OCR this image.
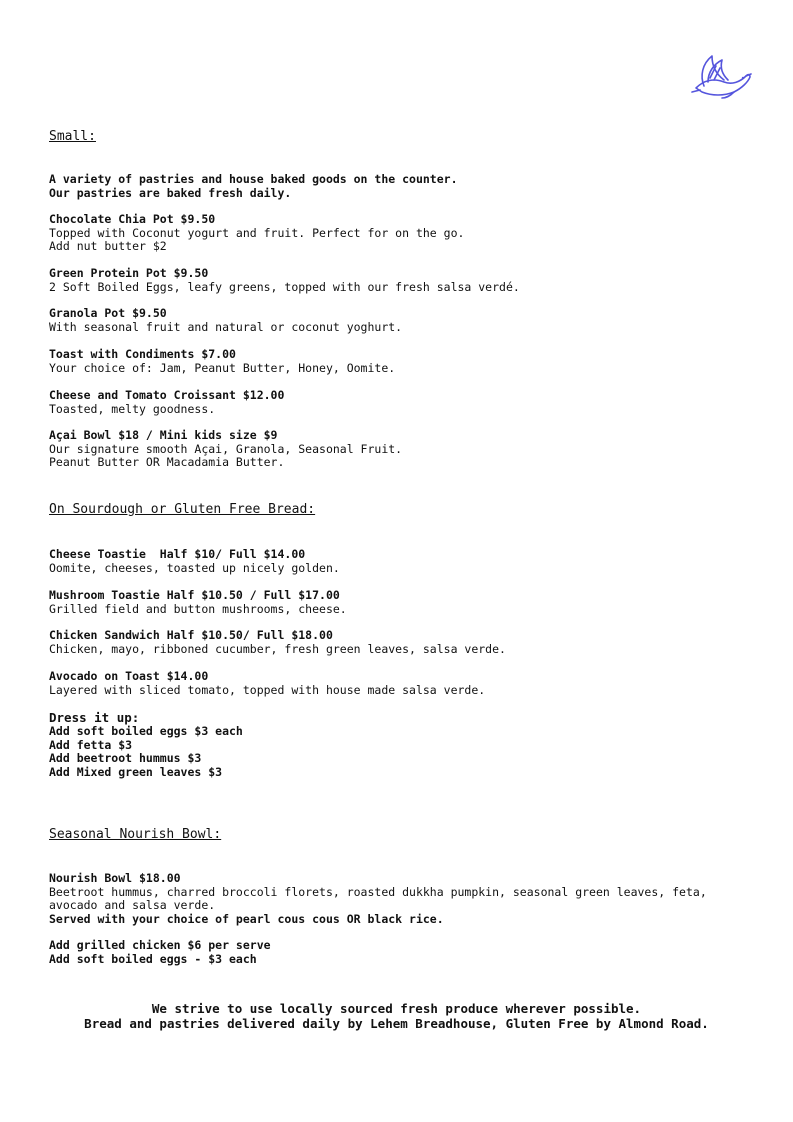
Small:
A variety of pastries and house baked goods on the counter.
Our pastries are baked fresh daily.
Chocolate Chia Pot $9.50
Topped with Coconut yogurt and fruit. Perfect for on the go.
Add nut butter $2
Green Protein Pot $9.50
2 Soft Boiled Eggs, leafy greens, topped with our fresh salsa verdé.
Granola Pot $9.50
With seasonal fruit and natural or coconut yoghurt.
Toast with Condiments $7.00
Your choice of: Jam, Peanut Butter, Honey, Oomite.
Cheese and Tomato Croissant $12.00
Toasted, melty goodness.
Açai Bowl $18 / Mini kids size $9
Our signature smooth Açai, Granola, Seasonal Fruit.
Peanut Butter OR Macadamia Butter.
On Sourdough or Gluten Free Bread:
Cheese Toastie  Half $10/ Full $14.00
Oomite, cheeses, toasted up nicely golden.
Mushroom Toastie Half $10.50 / Full $17.00
Grilled field and button mushrooms, cheese.
Chicken Sandwich Half $10.50/ Full $18.00
Chicken, mayo, ribboned cucumber, fresh green leaves, salsa verde.
Avocado on Toast $14.00
Layered with sliced tomato, topped with house made salsa verde.
Dress it up:
Add soft boiled eggs $3 each
Add fetta $3
Add beetroot hummus $3
Add Mixed green leaves $3
Seasonal Nourish Bowl:
Nourish Bowl $18.00
Beetroot hummus, charred broccoli florets, roasted dukkha pumpkin, seasonal green leaves, feta,
avocado and salsa verde.
Served with your choice of pearl cous cous OR black rice.
Add grilled chicken $6 per serve
Add soft boiled eggs - $3 each
We strive to use locally sourced fresh produce wherever possible.
Bread and pastries delivered daily by Lehem Breadhouse, Gluten Free by Almond Road.
